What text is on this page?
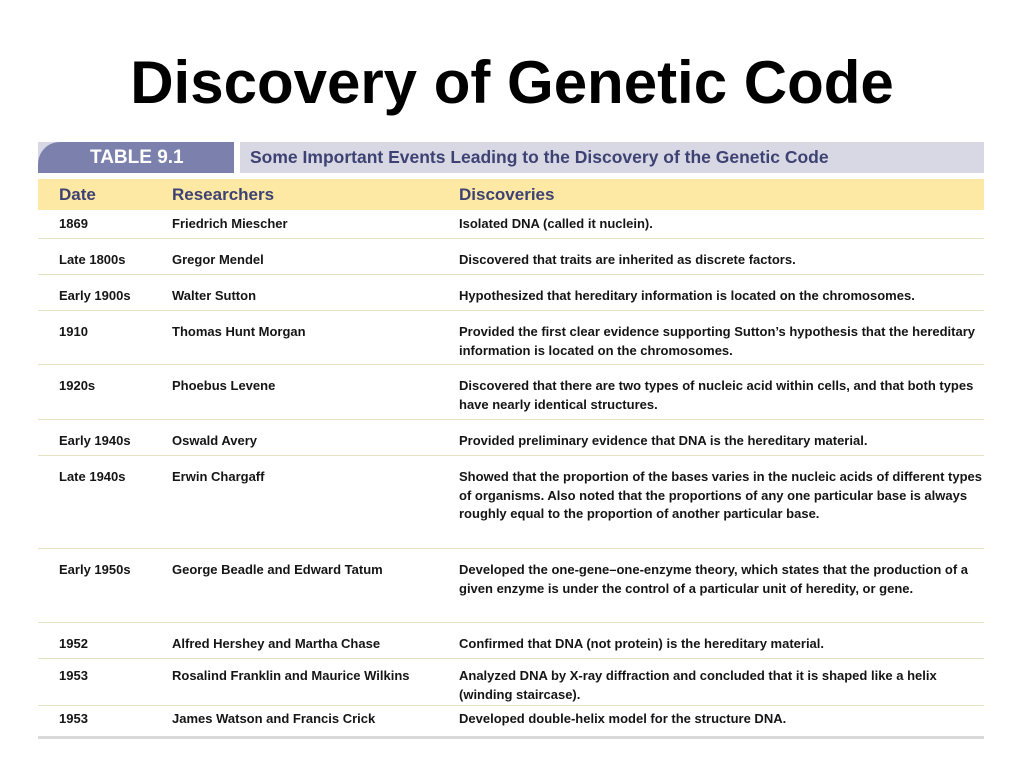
Discovery of Genetic Code
TABLE 9.1	Some Important Events Leading to the Discovery of the Genetic Code
Date	Researchers	Discoveries
1869	Friedrich Miescher	Isolated DNA (called it nuclein).
Late 1800s	Gregor Mendel	Discovered that traits are inherited as discrete factors.
Early 1900s	Walter Sutton	Hypothesized that hereditary information is located on the chromosomes.
1910	Thomas Hunt Morgan	Provided the first clear evidence supporting Sutton’s hypothesis that the hereditary information is located on the chromosomes.
1920s	Phoebus Levene	Discovered that there are two types of nucleic acid within cells, and that both types have nearly identical structures.
Early 1940s	Oswald Avery	Provided preliminary evidence that DNA is the hereditary material.
Late 1940s	Erwin Chargaff	Showed that the proportion of the bases varies in the nucleic acids of different types of organisms. Also noted that the proportions of any one particular base is always roughly equal to the proportion of another particular base.
Early 1950s	George Beadle and Edward Tatum	Developed the one-gene–one-enzyme theory, which states that the production of a given enzyme is under the control of a particular unit of heredity, or gene.
1952	Alfred Hershey and Martha Chase	Confirmed that DNA (not protein) is the hereditary material.
1953	Rosalind Franklin and Maurice Wilkins	Analyzed DNA by X-ray diffraction and concluded that it is shaped like a helix (winding staircase).
1953	James Watson and Francis Crick	Developed double-helix model for the structure DNA.
